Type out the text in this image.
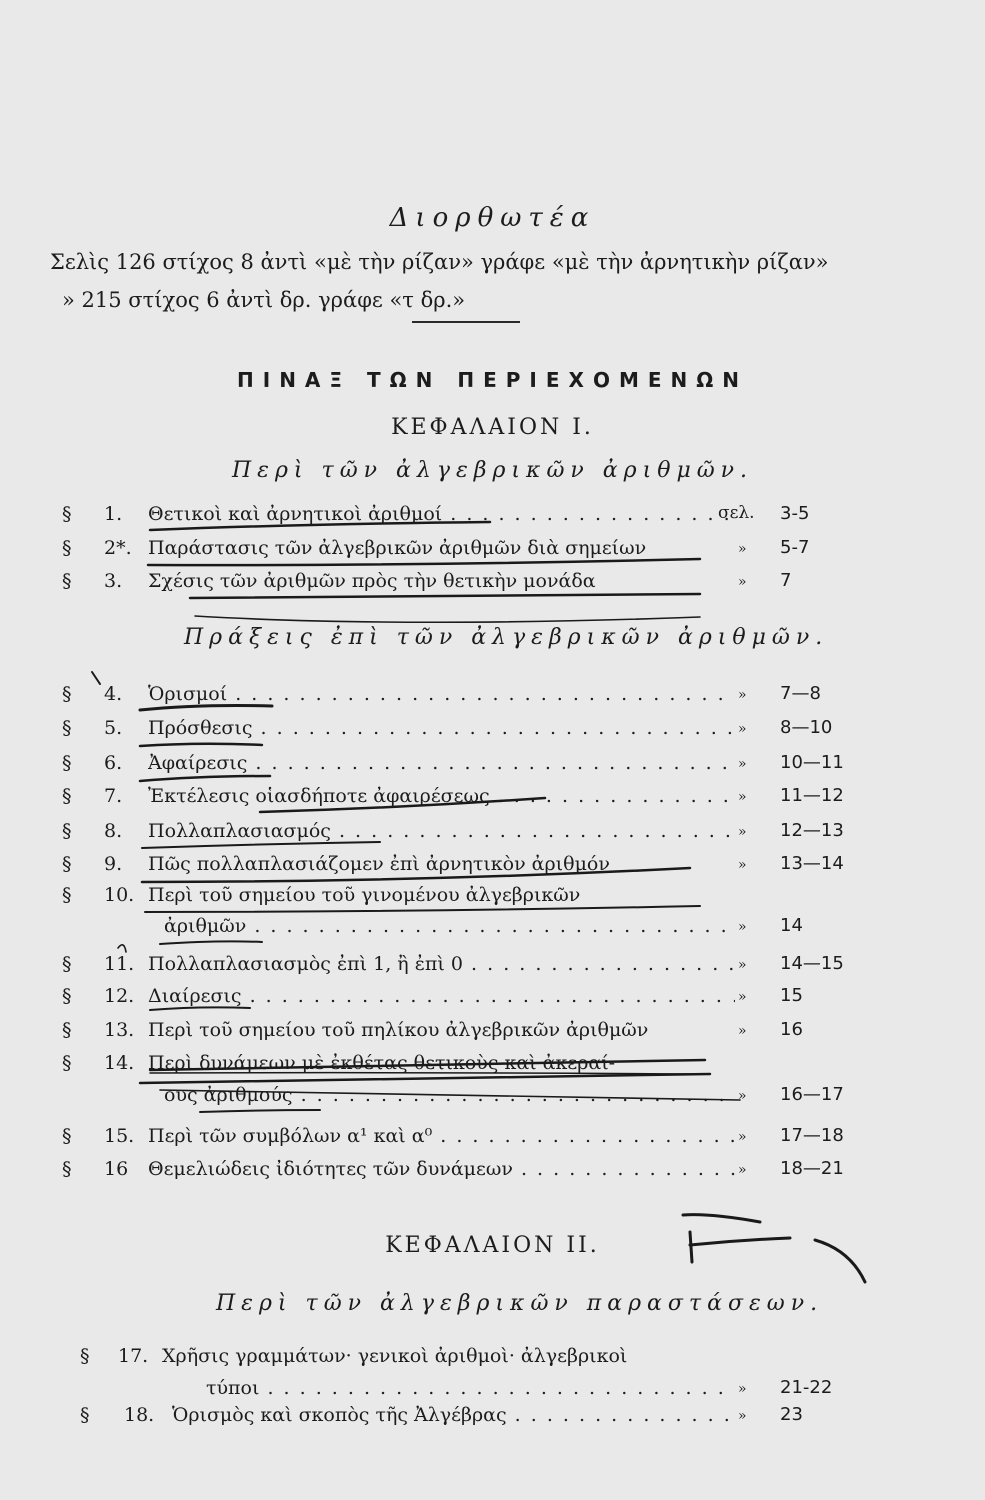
Διορθωτέα
Σελὶς 126 στίχος 8 ἀντὶ «μὲ τὴν ρίζαν» γράφε «μὲ τὴν ἀρνητικὴν ρίζαν»
» 215 στίχος 6 ἀντὶ δρ. γράφε «τ δρ.»
ΠΙΝΑΞ ΤΩΝ ΠΕΡΙΕΧΟΜΕΝΩΝ
ΚΕΦΑΛΑΙΟΝ Ι.
Περὶ τῶν ἀλγεβρικῶν ἀριθμῶν.
§ 1. Θετικοὶ καὶ ἀρνητικοὶ ἀριθμοί . . .	σελ. 3-5
§ 2*. Παράστασις τῶν ἀλγεβρικῶν ἀριθμῶν διὰ σημείων	» 5-7
§ 3. Σχέσις τῶν ἀριθμῶν πρὸς τὴν θετικὴν μονάδα	» 7
Πράξεις ἐπὶ τῶν ἀλγεβρικῶν ἀριθμῶν.
§ 4. Ὁρισμοί . . .	» 7—8
§ 5. Πρόσθεσις . . .	» 8—10
§ 6. Ἀφαίρεσις . . .	» 10—11
§ 7. Ἐκτέλεσις οἱασδήποτε ἀφαιρέσεως . . .	» 11—12
§ 8. Πολλαπλασιασμός . . .	» 12—13
§ 9. Πῶς πολλαπλασιάζομεν ἐπὶ ἀρνητικὸν ἀριθμόν	» 13—14
§ 10. Περὶ τοῦ σημείου τοῦ γινομένου ἀλγεβρικῶν
ἀριθμῶν . . .	» 14
§ 11. Πολλαπλασιασμὸς ἐπὶ 1, ἢ ἐπὶ 0 . . .	» 14—15
§ 12. Διαίρεσις . . .	» 15
§ 13. Περὶ τοῦ σημείου τοῦ πηλίκου ἀλγεβρικῶν ἀριθμῶν	» 16
§ 14. Περὶ δυνάμεων μὲ ἐκθέτας θετικοὺς καὶ ἀκεραί-
ους ἀριθμούς . . .	» 16—17
§ 15. Περὶ τῶν συμβόλων α¹ καὶ α⁰ . . .	» 17—18
§ 16 Θεμελιώδεις ἰδιότητες τῶν δυνάμεων . . .	» 18—21
ΚΕΦΑΛΑΙΟΝ ΙΙ.
Περὶ τῶν ἀλγεβρικῶν παραστάσεων.
§ 17. Χρῆσις γραμμάτων· γενικοὶ ἀριθμοὶ· ἀλγεβρικοὶ
τύποι . . .	» 21-22
§ 18. Ὁρισμὸς καὶ σκοπὸς τῆς Ἀλγέβρας . . .	» 23
